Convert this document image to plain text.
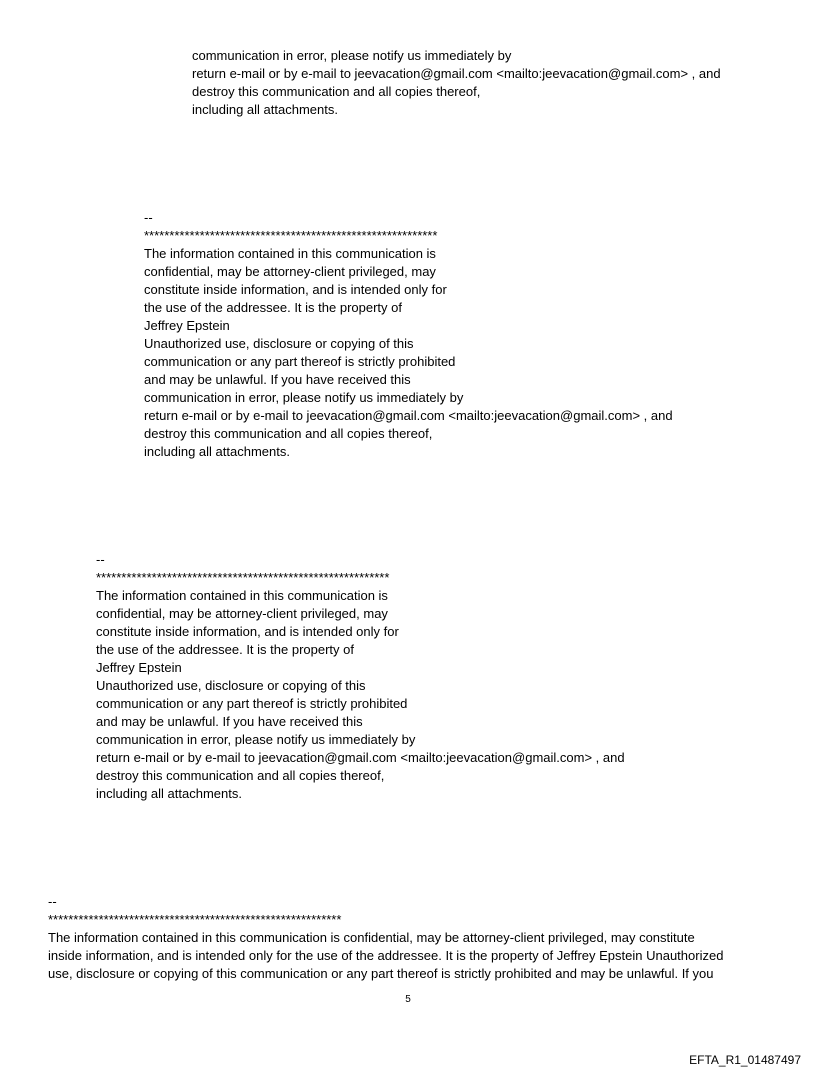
communication in error, please notify us immediately by
return e-mail or by e-mail to jeevacation@gmail.com <mailto:jeevacation@gmail.com> , and
destroy this communication and all copies thereof,
including all attachments.
--
**********************************************************
The information contained in this communication is
confidential, may be attorney-client privileged, may
constitute inside information, and is intended only for
the use of the addressee. It is the property of
Jeffrey Epstein
Unauthorized use, disclosure or copying of this
communication or any part thereof is strictly prohibited
and may be unlawful. If you have received this
communication in error, please notify us immediately by
return e-mail or by e-mail to jeevacation@gmail.com <mailto:jeevacation@gmail.com> , and
destroy this communication and all copies thereof,
including all attachments.
--
**********************************************************
The information contained in this communication is
confidential, may be attorney-client privileged, may
constitute inside information, and is intended only for
the use of the addressee. It is the property of
Jeffrey Epstein
Unauthorized use, disclosure or copying of this
communication or any part thereof is strictly prohibited
and may be unlawful. If you have received this
communication in error, please notify us immediately by
return e-mail or by e-mail to jeevacation@gmail.com <mailto:jeevacation@gmail.com> , and
destroy this communication and all copies thereof,
including all attachments.
--
**********************************************************
The information contained in this communication is confidential, may be attorney-client privileged, may constitute
inside information, and is intended only for the use of the addressee. It is the property of Jeffrey Epstein Unauthorized
use, disclosure or copying of this communication or any part thereof is strictly prohibited and may be unlawful. If you
5
EFTA_R1_01487497
